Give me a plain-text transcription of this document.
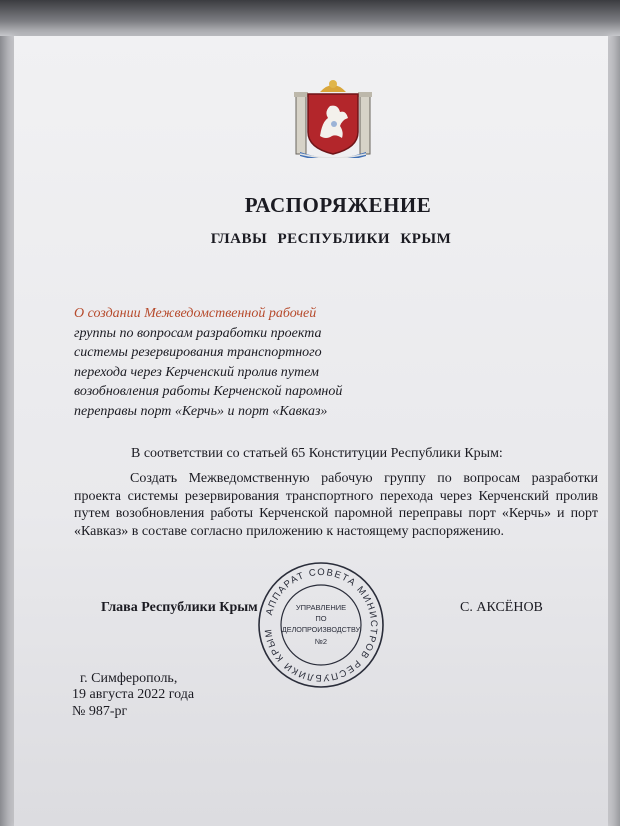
РАСПОРЯЖЕНИЕ
ГЛАВЫ РЕСПУБЛИКИ КРЫМ
О создании Межведомственной рабочей
группы по вопросам разработки проекта
системы резервирования транспортного
перехода через Керченский пролив путем
возобновления работы Керченской паромной
переправы порт «Керчь» и порт «Кавказ»
В соответствии со статьей 65 Конституции Республики Крым:
Создать Межведомственную рабочую группу по вопросам разработки проекта системы резервирования транспортного перехода через Керченский пролив путем возобновления работы Керченской паромной переправы порт «Керчь» и порт «Кавказ» в составе согласно приложению к настоящему распоряжению.
Глава Республики Крым	С. АКСЁНОВ
АППАРАТ СОВЕТА МИНИСТРОВ РЕСПУБЛИКИ КРЫМ
УПРАВЛЕНИЕ
ПО
ДЕЛОПРОИЗВОДСТВУ
№2
г. Симферополь,
19 августа 2022 года
№ 987-рг
